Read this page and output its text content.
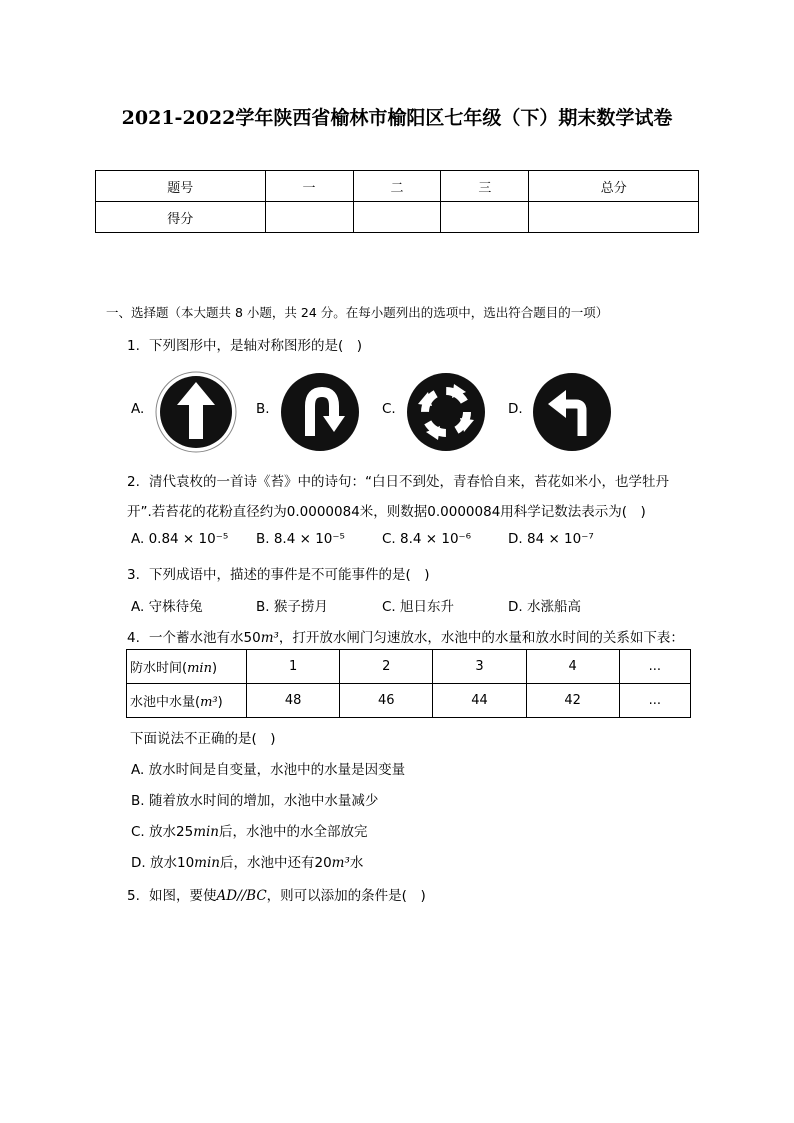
2021-2022学年陕西省榆林市榆阳区七年级（下）期末数学试卷
题号	一	二	三	总分
得分				
一、选择题（本大题共 8 小题，共 24 分。在每小题列出的选项中，选出符合题目的一项）
1. 下列图形中，是轴对称图形的是(　)
A.	B.	C.	D.
2. 清代袁枚的一首诗《苔》中的诗句：“白日不到处，青春恰自来，苔花如米小，也学牡丹
开”.若苔花的花粉直径约为0.0000084米，则数据0.0000084用科学记数法表示为(　)
A. 0.84 × 10⁻⁵ B. 8.4 × 10⁻⁵	C. 8.4 × 10⁻⁶	D. 84 × 10⁻⁷
3. 下列成语中，描述的事件是不可能事件的是(　)
A. 守株待兔	B. 猴子捞月	C. 旭日东升	D. 水涨船高
4. 一个蓄水池有水50m³，打开放水闸门匀速放水，水池中的水量和放水时间的关系如下表：
防水时间(min)	1	2	3	4	...
水池中水量(m³)	48	46	44	42	...
下面说法不正确的是(　)
A. 放水时间是自变量，水池中的水量是因变量
B. 随着放水时间的增加，水池中水量减少
C. 放水25min后，水池中的水全部放完
D. 放水10min后，水池中还有20m³水
5. 如图，要使AD//BC，则可以添加的条件是(　)
